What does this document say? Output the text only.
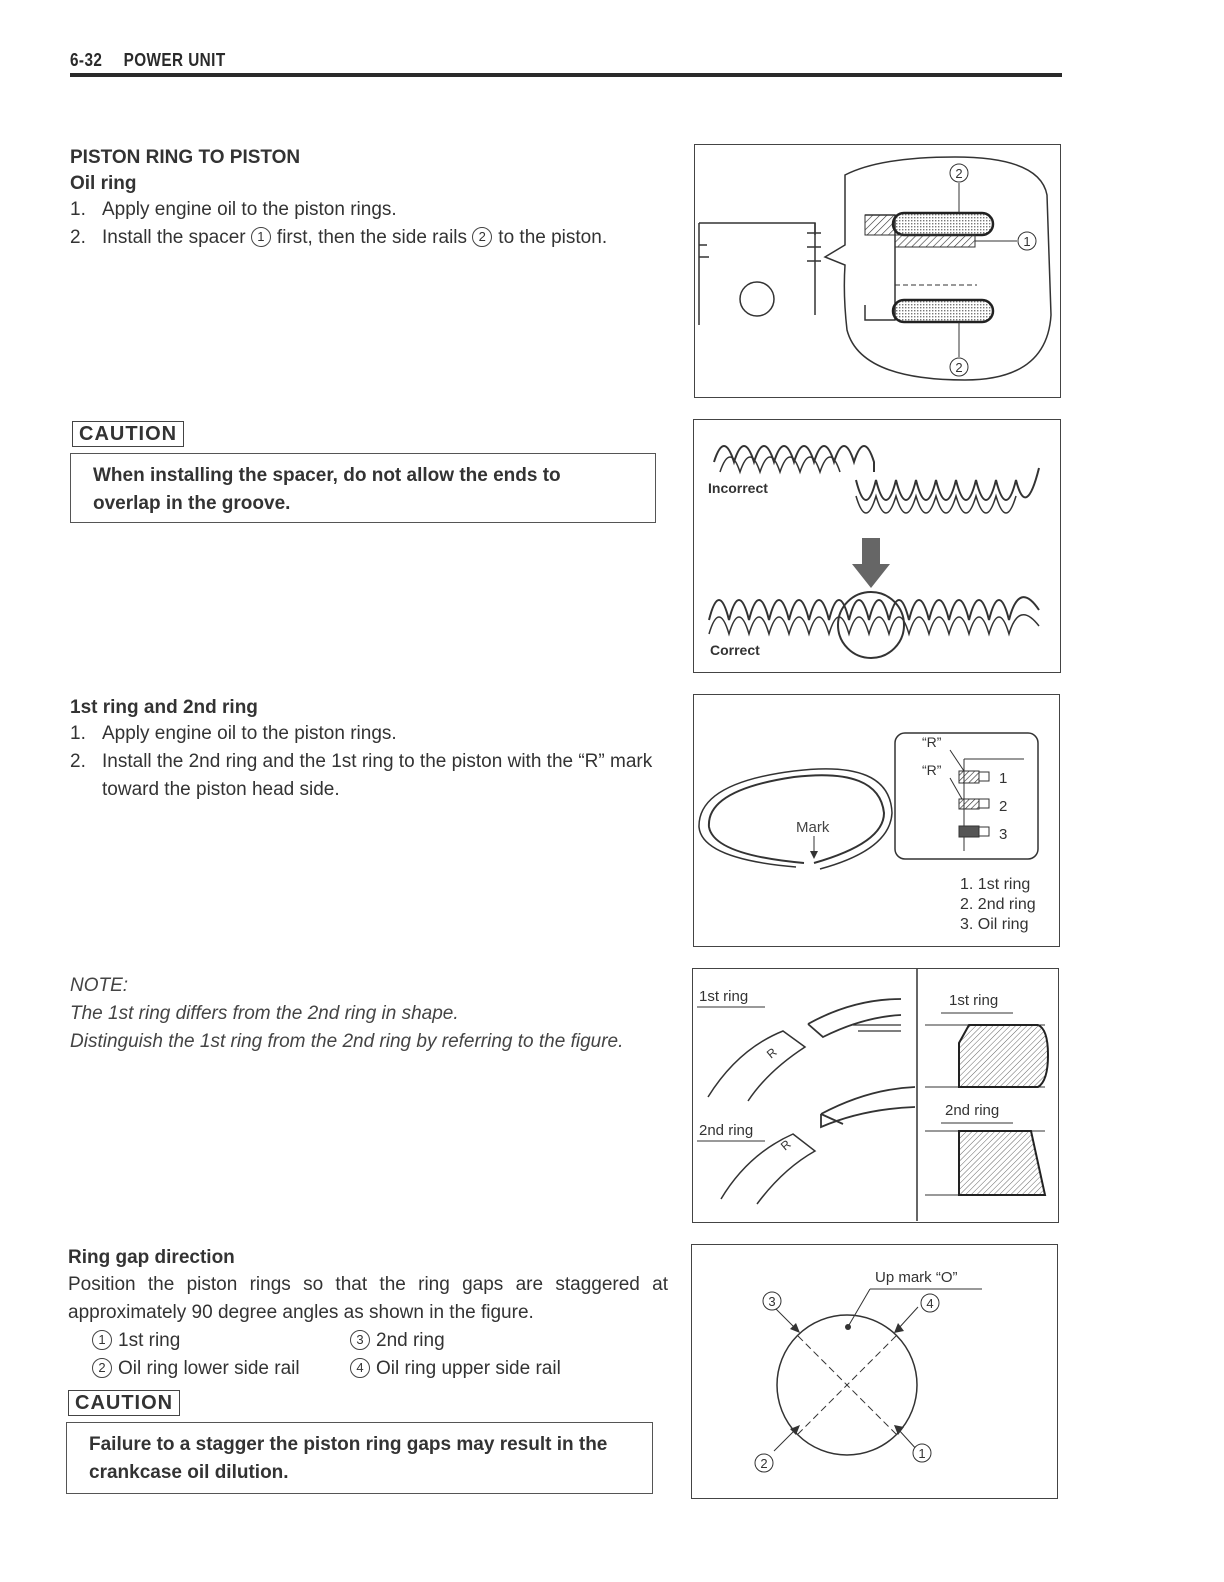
6-32 POWER UNIT
PISTON RING TO PISTON
Oil ring
1. Apply engine oil to the piston rings.
2. Install the spacer 1 first, then the side rails 2 to the piston.
CAUTION
When installing the spacer, do not allow the ends to overlap in the groove.
1st ring and 2nd ring
1. Apply engine oil to the piston rings.
2. Install the 2nd ring and the 1st ring to the piston with the “R” mark toward the piston head side.
NOTE:
The 1st ring differs from the 2nd ring in shape.
Distinguish the 1st ring from the 2nd ring by referring to the figure.
Ring gap direction
Position the piston rings so that the ring gaps are staggered at approximately 90 degree angles as shown in the figure.
1 1st ring	3 2nd ring
2 Oil ring lower side rail	4 Oil ring upper side rail
CAUTION
Failure to a stagger the piston ring gaps may result in the crankcase oil dilution.
2
1
2
Incorrect
Correct
Mark
“R”
“R”	1
2
3
1. 1st ring
2. 2nd ring
3. Oil ring
1st ring
2nd ring
R
R
1st ring
2nd ring
Up mark “O”
3	4
2
1
